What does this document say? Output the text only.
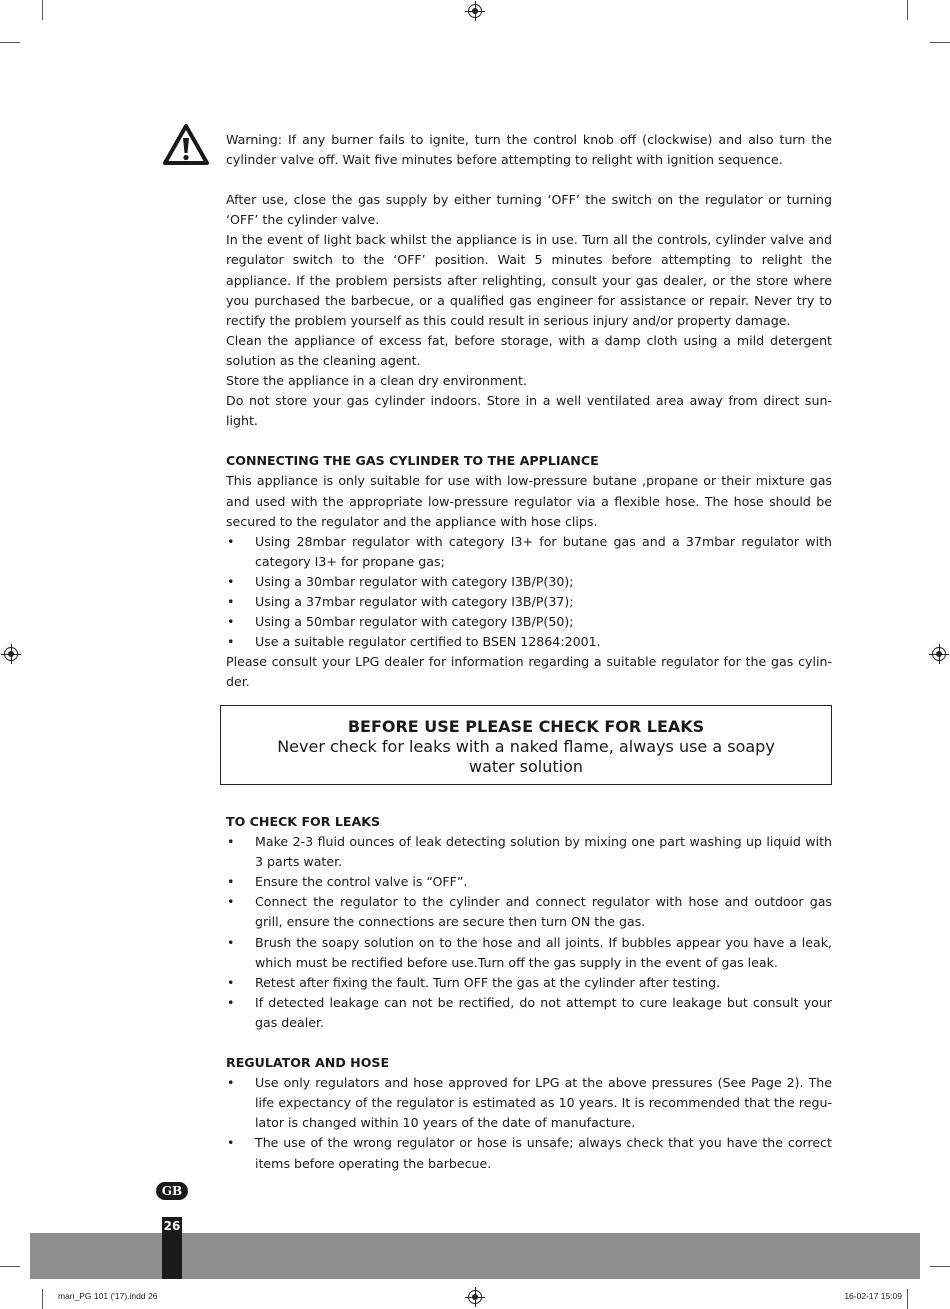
Warning: If any burner fails to ignite, turn the control knob off (clockwise) and also turn the cylinder valve off. Wait five minutes before attempting to relight with ignition sequence.

After use, close the gas supply by either turning ‘OFF’ the switch on the regulator or turning ‘OFF’ the cylinder valve.

In the event of light back whilst the appliance is in use. Turn all the controls, cylinder valve and regulator switch to the ‘OFF’ position. Wait 5 minutes before attempting to relight the appliance. If the problem persists after relighting, consult your gas dealer, or the store where you purchased the barbecue, or a qualified gas engineer for assistance or repair. Never try to rectify the problem yourself as this could result in serious injury and/or property damage.

Clean the appliance of excess fat, before storage, with a damp cloth using a mild detergent solution as the cleaning agent.

Store the appliance in a clean dry environment.

Do not store your gas cylinder indoors. Store in a well ventilated area away from direct sun-light.

CONNECTING THE GAS CYLINDER TO THE APPLIANCE

This appliance is only suitable for use with low-pressure butane ,propane or their mixture gas and used with the appropriate low-pressure regulator via a flexible hose. The hose should be secured to the regulator and the appliance with hose clips.

• Using 28mbar regulator with category I3+ for butane gas and a 37mbar regulator with category I3+ for propane gas;
• Using a 30mbar regulator with category I3B/P(30);
• Using a 37mbar regulator with category I3B/P(37);
• Using a 50mbar regulator with category I3B/P(50);
• Use a suitable regulator certified to BSEN 12864:2001.

Please consult your LPG dealer for information regarding a suitable regulator for the gas cylin-der.

BEFORE USE PLEASE CHECK FOR LEAKS
Never check for leaks with a naked flame, always use a soapy
water solution

TO CHECK FOR LEAKS

• Make 2-3 fluid ounces of leak detecting solution by mixing one part washing up liquid with 3 parts water.
• Ensure the control valve is “OFF”.
• Connect the regulator to the cylinder and connect regulator with hose and outdoor gas grill, ensure the connections are secure then turn ON the gas.
• Brush the soapy solution on to the hose and all joints. If bubbles appear you have a leak, which must be rectified before use.Turn off the gas supply in the event of gas leak.
• Retest after fixing the fault. Turn OFF the gas at the cylinder after testing.
• If detected leakage can not be rectified, do not attempt to cure leakage but consult your gas dealer.

REGULATOR AND HOSE

• Use only regulators and hose approved for LPG at the above pressures (See Page 2). The life expectancy of the regulator is estimated as 10 years. It is recommended that the regu-lator is changed within 10 years of the date of manufacture.
• The use of the wrong regulator or hose is unsafe; always check that you have the correct items before operating the barbecue.
GB
26
man_PG 101 ('17).indd 26	16-02-17 15:09
